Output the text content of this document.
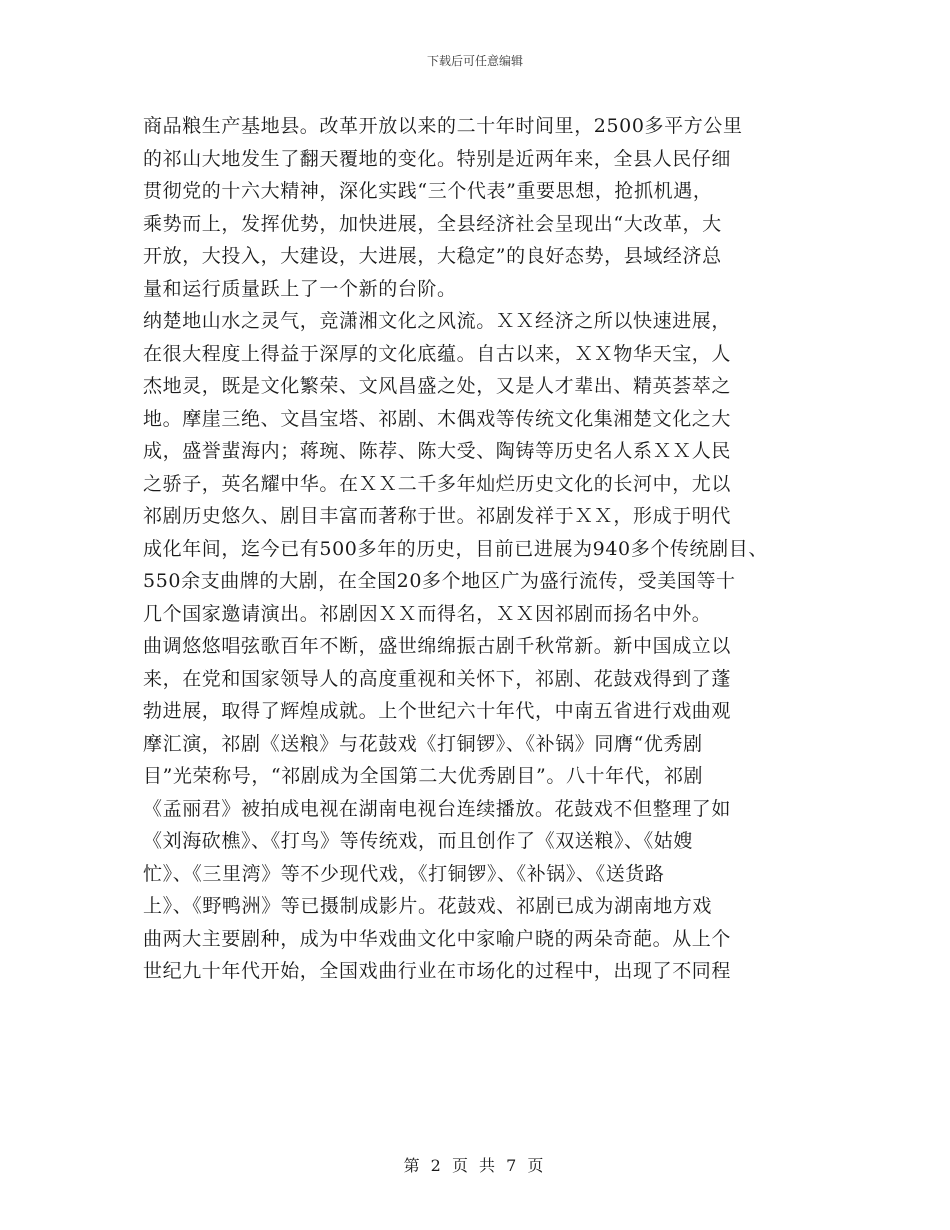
下载后可任意编辑
商品粮生产基地县。改革开放以来的二十年时间里，2500多平方公里
的祁山大地发生了翻天覆地的变化。特别是近两年来，全县人民仔细
贯彻党的十六大精神，深化实践“三个代表”重要思想，抢抓机遇，
乘势而上，发挥优势，加快进展，全县经济社会呈现出“大改革，大
开放，大投入，大建设，大进展，大稳定”的良好态势，县域经济总
量和运行质量跃上了一个新的台阶。
纳楚地山水之灵气，竞潇湘文化之风流。ＸＸ经济之所以快速进展，
在很大程度上得益于深厚的文化底蕴。自古以来，ＸＸ物华天宝，人
杰地灵，既是文化繁荣、文风昌盛之处，又是人才辈出、精英荟萃之
地。摩崖三绝、文昌宝塔、祁剧、木偶戏等传统文化集湘楚文化之大
成，盛誉蜚海内；蒋琬、陈荐、陈大受、陶铸等历史名人系ＸＸ人民
之骄子，英名耀中华。在ＸＸ二千多年灿烂历史文化的长河中，尤以
祁剧历史悠久、剧目丰富而著称于世。祁剧发祥于ＸＸ，形成于明代
成化年间，迄今已有500多年的历史，目前已进展为940多个传统剧目、
550余支曲牌的大剧，在全国20多个地区广为盛行流传，受美国等十
几个国家邀请演出。祁剧因ＸＸ而得名，ＸＸ因祁剧而扬名中外。
曲调悠悠唱弦歌百年不断，盛世绵绵振古剧千秋常新。新中国成立以
来，在党和国家领导人的高度重视和关怀下，祁剧、花鼓戏得到了蓬
勃进展，取得了辉煌成就。上个世纪六十年代，中南五省进行戏曲观
摩汇演，祁剧《送粮》与花鼓戏《打铜锣》、《补锅》同膺“优秀剧
目”光荣称号，“祁剧成为全国第二大优秀剧目”。八十年代，祁剧
《孟丽君》被拍成电视在湖南电视台连续播放。花鼓戏不但整理了如
《刘海砍樵》、《打鸟》等传统戏，而且创作了《双送粮》、《姑嫂
忙》、《三里湾》等不少现代戏，《打铜锣》、《补锅》、《送货路
上》、《野鸭洲》等已摄制成影片。花鼓戏、祁剧已成为湖南地方戏
曲两大主要剧种，成为中华戏曲文化中家喻户晓的两朵奇葩。从上个
世纪九十年代开始，全国戏曲行业在市场化的过程中，出现了不同程
第 2 页 共 7 页
